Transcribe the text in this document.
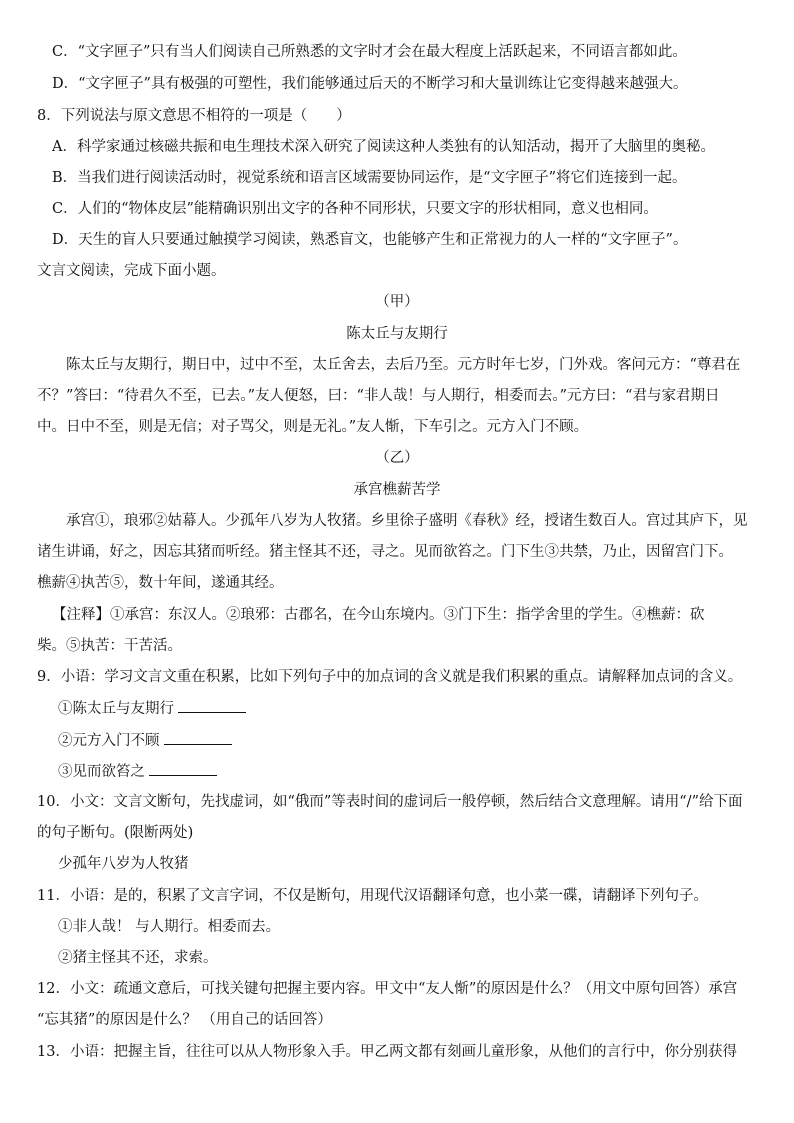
C．“文字匣子”只有当人们阅读自己所熟悉的文字时才会在最大程度上活跃起来，不同语言都如此。
D．“文字匣子”具有极强的可塑性，我们能够通过后天的不断学习和大量训练让它变得越来越强大。
8．下列说法与原文意思不相符的一项是（　　）
A．科学家通过核磁共振和电生理技术深入研究了阅读这种人类独有的认知活动，揭开了大脑里的奥秘。
B．当我们进行阅读活动时，视觉系统和语言区域需要协同运作，是“文字匣子”将它们连接到一起。
C．人们的“物体皮层”能精确识别出文字的各种不同形状，只要文字的形状相同，意义也相同。
D．天生的盲人只要通过触摸学习阅读，熟悉盲文，也能够产生和正常视力的人一样的“文字匣子”。
文言文阅读，完成下面小题。
（甲）
陈太丘与友期行
陈太丘与友期行，期日中，过中不至，太丘舍去，去后乃至。元方时年七岁，门外戏。客问元方：“尊君在
不？”答曰：“待君久不至，已去。”友人便怒，曰：“非人哉！与人期行，相委而去。”元方曰：“君与家君期日
中。日中不至，则是无信；对子骂父，则是无礼。”友人惭，下车引之。元方入门不顾。
（乙）
承宫樵薪苦学
承宫①，琅邪②姑幕人。少孤年八岁为人牧猪。乡里徐子盛明《春秋》经，授诸生数百人。宫过其庐下，见
诸生讲诵，好之，因忘其猪而听经。猪主怪其不还，寻之。见而欲笞之。门下生③共禁，乃止，因留宫门下。
樵薪④执苦⑤，数十年间，遂通其经。
【注释】①承宫：东汉人。②琅邪：古郡名，在今山东境内。③门下生：指学舍里的学生。④樵薪：砍
柴。⑤执苦：干苦活。
9．小语：学习文言文重在积累，比如下列句子中的加点词的含义就是我们积累的重点。请解释加点词的含义。
①陈太丘与友期行
②元方入门不顾
③见而欲笞之
10．小文：文言文断句，先找虚词，如“俄而”等表时间的虚词后一般停顿，然后结合文意理解。请用“/”给下面
的句子断句。(限断两处)
少孤年八岁为人牧猪
11．小语：是的，积累了文言字词，不仅是断句，用现代汉语翻译句意，也小菜一碟，请翻译下列句子。
①非人哉！ 与人期行。相委而去。
②猪主怪其不还，求索。
12．小文：疏通文意后，可找关键句把握主要内容。甲文中“友人惭”的原因是什么？（用文中原句回答）承宫
“忘其猪”的原因是什么？ （用自己的话回答）
13．小语：把握主旨，往往可以从人物形象入手。甲乙两文都有刻画儿童形象，从他们的言行中，你分别获得
